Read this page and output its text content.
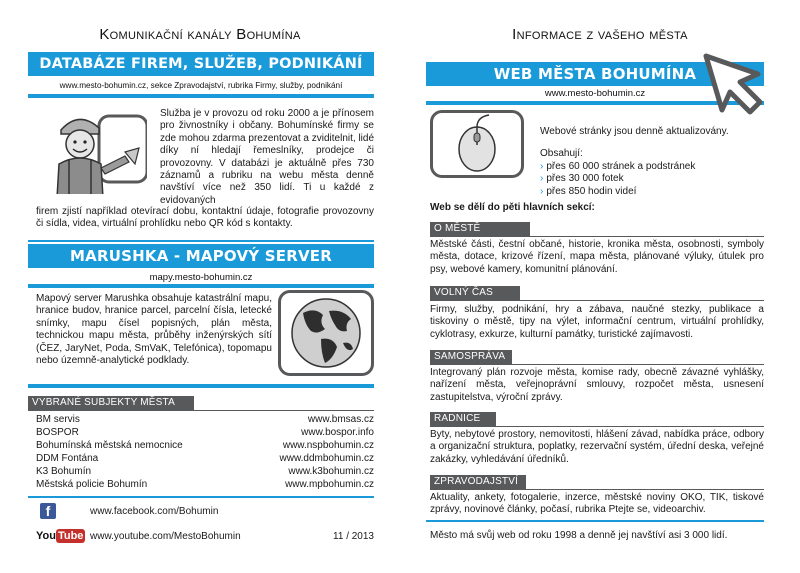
Komunikační kanály Bohumína
DATABÁZE FIREM, SLUŽEB, PODNIKÁNÍ
www.mesto-bohumin.cz, sekce Zpravodajství, rubrika Firmy, služby, podnikání
Služba je v provozu od roku 2000 a je přínosem pro živnostníky i občany. Bohumínské firmy se zde mohou zdarma prezentovat a zviditelnit, lidé díky ní hledají řemeslníky, prodejce či provozovny. V databázi je aktuálně přes 730 záznamů a rubriku na webu města denně navštíví více než 350 lidí. Ti u každé z evidovaných
firem zjistí například otevírací dobu, kontaktní údaje, fotografie provozovny či sídla, videa, virtuální prohlídku nebo QR kód s kontakty.
MARUSHKA - MAPOVÝ SERVER
mapy.mesto-bohumin.cz
Mapový server Marushka obsahuje katastrální mapu, hranice budov, hranice parcel, parcelní čísla, letecké snímky, mapu čísel popisných, plán města, technickou mapu města, průběhy inženýrských sítí (ČEZ, JaryNet, Poda, SmVaK, Telefónica), topomapu nebo územně-analytické podklady.
VYBRANÉ SUBJEKTY MĚSTA
BM servis	www.bmsas.cz
BOSPOR	www.bospor.info
Bohumínská městská nemocnice	www.nspbohumin.cz
DDM Fontána	www.ddmbohumin.cz
K3 Bohumín	www.k3bohumin.cz
Městská policie Bohumín	www.mpbohumin.cz
f	www.facebook.com/Bohumin
You Tube www.youtube.com/MestoBohumin	11 / 2013
Informace z vašeho města
WEB MĚSTA BOHUMÍNA
www.mesto-bohumin.cz
Webové stránky jsou denně aktualizovány.
Obsahují:
› přes 60 000 stránek a podstránek
› přes 30 000 fotek
› přes 850 hodin videí
Web se dělí do pěti hlavních sekcí:
O MĚSTĚ
Městské části, čestní občané, historie, kronika města, osobnosti, symboly města, dotace, krizové řízení, mapa města, plánované výluky, útulek pro psy, webové kamery, komunitní plánování.
VOLNÝ ČAS
Firmy, služby, podnikání, hry a zábava, naučné stezky, publikace a tiskoviny o městě, tipy na výlet, informační centrum, virtuální prohlídky, cyklotrasy, exkurze, kulturní památky, turistické zajímavosti.
SAMOSPRÁVA
Integrovaný plán rozvoje města, komise rady, obecně závazné vyhlášky, nařízení města, veřejnoprávní smlouvy, rozpočet města, usnesení zastupitelstva, výroční zprávy.
RADNICE
Byty, nebytové prostory, nemovitosti, hlášení závad, nabídka práce, odbory a organizační struktura, poplatky, rezervační systém, úřední deska, veřejné zakázky, vyhledávání úředníků.
ZPRAVODAJSTVÍ
Aktuality, ankety, fotogalerie, inzerce, městské noviny OKO, TIK, tiskové zprávy, novinové články, počasí, rubrika Ptejte se, videoarchiv.
Město má svůj web od roku 1998 a denně jej navštíví asi 3 000 lidí.
